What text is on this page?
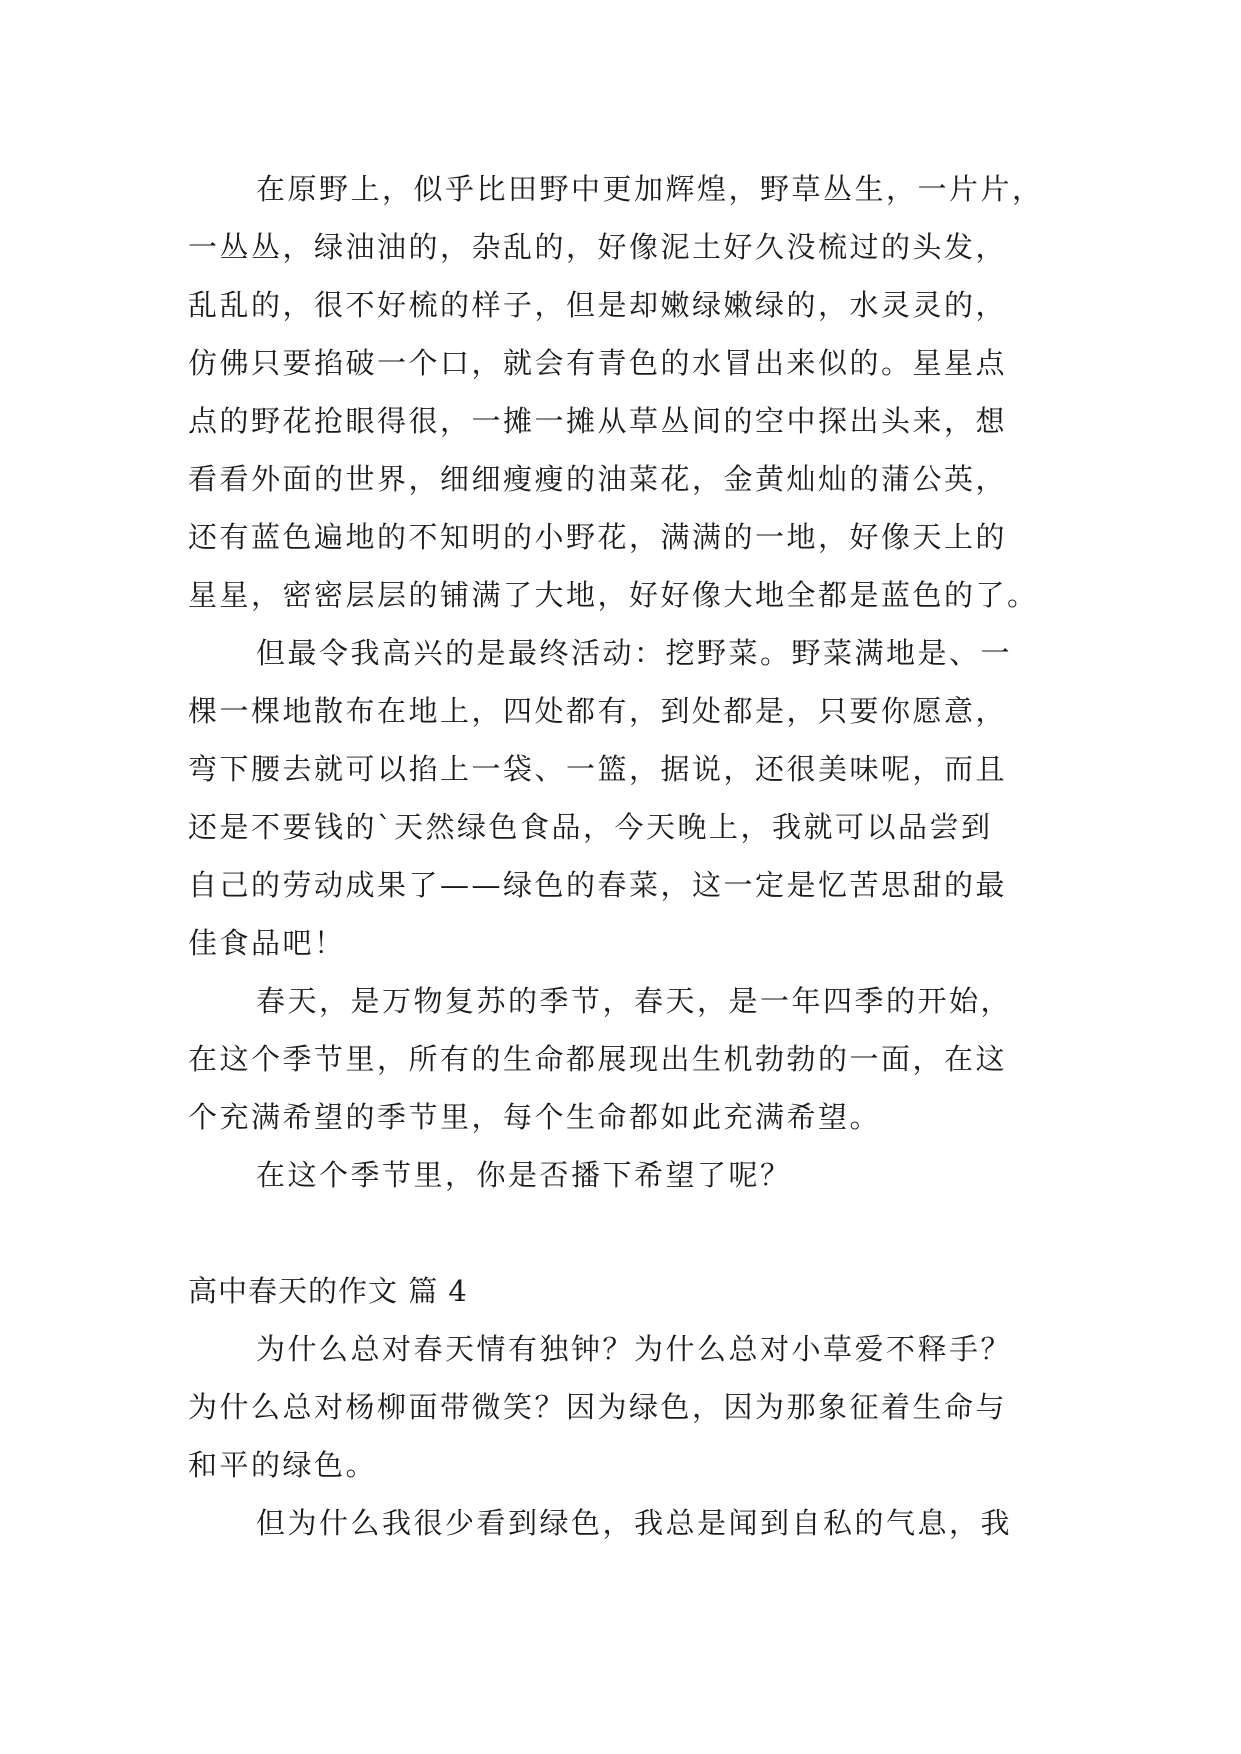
在原野上，似乎比田野中更加辉煌，野草丛生，一片片，
一丛丛，绿油油的，杂乱的，好像泥土好久没梳过的头发，
乱乱的，很不好梳的样子，但是却嫩绿嫩绿的，水灵灵的，
仿佛只要掐破一个口，就会有青色的水冒出来似的。星星点
点的野花抢眼得很，一摊一摊从草丛间的空中探出头来，想
看看外面的世界，细细瘦瘦的油菜花，金黄灿灿的蒲公英，
还有蓝色遍地的不知明的小野花，满满的一地，好像天上的
星星，密密层层的铺满了大地，好好像大地全都是蓝色的了。
但最令我高兴的是最终活动：挖野菜。野菜满地是、一
棵一棵地散布在地上，四处都有，到处都是，只要你愿意，
弯下腰去就可以掐上一袋、一篮，据说，还很美味呢，而且
还是不要钱的`天然绿色食品，今天晚上，我就可以品尝到
自己的劳动成果了——绿色的春菜，这一定是忆苦思甜的最
佳食品吧！
春天，是万物复苏的季节，春天，是一年四季的开始，
在这个季节里，所有的生命都展现出生机勃勃的一面，在这
个充满希望的季节里，每个生命都如此充满希望。
在这个季节里，你是否播下希望了呢？
高中春天的作文 篇 4
为什么总对春天情有独钟？为什么总对小草爱不释手？
为什么总对杨柳面带微笑？因为绿色，因为那象征着生命与
和平的绿色。
但为什么我很少看到绿色，我总是闻到自私的气息，我
